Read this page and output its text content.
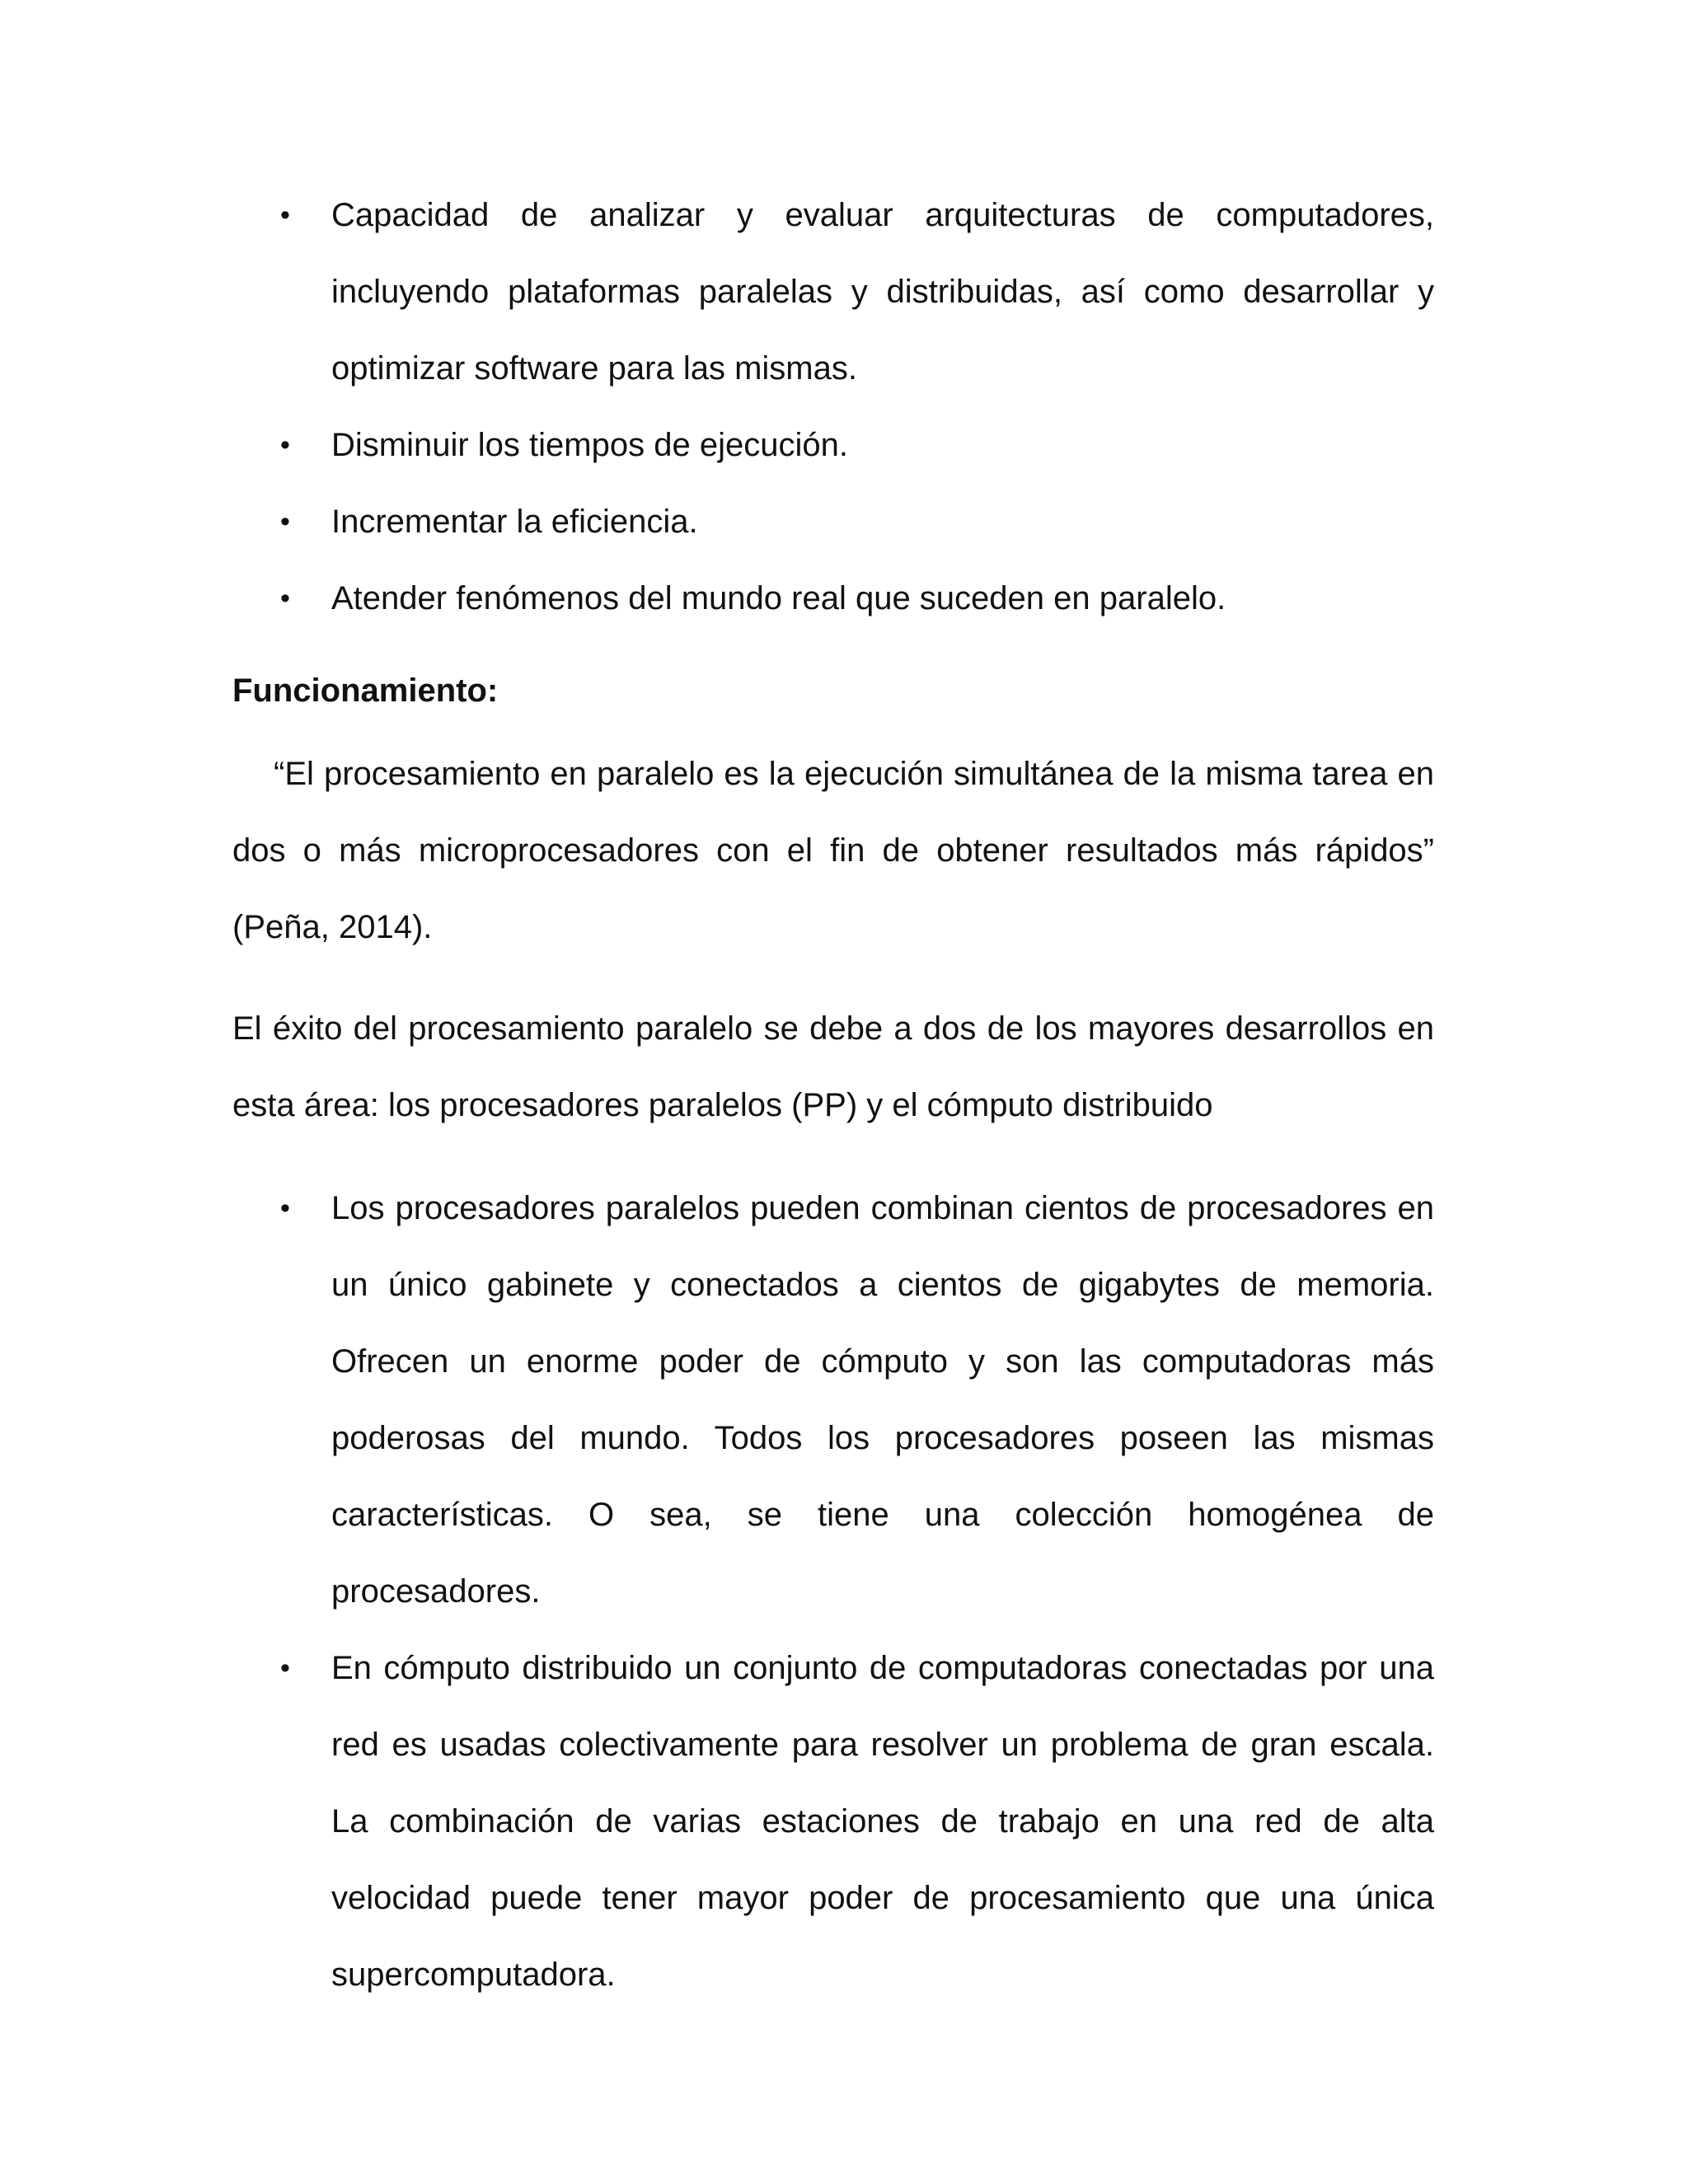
• Capacidad de analizar y evaluar arquitecturas de computadores, incluyendo plataformas paralelas y distribuidas, así como desarrollar y optimizar software para las mismas.
• Disminuir los tiempos de ejecución.
• Incrementar la eficiencia.
• Atender fenómenos del mundo real que suceden en paralelo.
Funcionamiento:

“El procesamiento en paralelo es la ejecución simultánea de la misma tarea en dos o más microprocesadores con el fin de obtener resultados más rápidos” (Peña, 2014).

El éxito del procesamiento paralelo se debe a dos de los mayores desarrollos en esta área: los procesadores paralelos (PP) y el cómputo distribuido

• Los procesadores paralelos pueden combinan cientos de procesadores en un único gabinete y conectados a cientos de gigabytes de memoria. Ofrecen un enorme poder de cómputo y son las computadoras más poderosas del mundo. Todos los procesadores poseen las mismas características. O sea, se tiene una colección homogénea de procesadores.
• En cómputo distribuido un conjunto de computadoras conectadas por una red es usadas colectivamente para resolver un problema de gran escala. La combinación de varias estaciones de trabajo en una red de alta velocidad puede tener mayor poder de procesamiento que una única supercomputadora.
